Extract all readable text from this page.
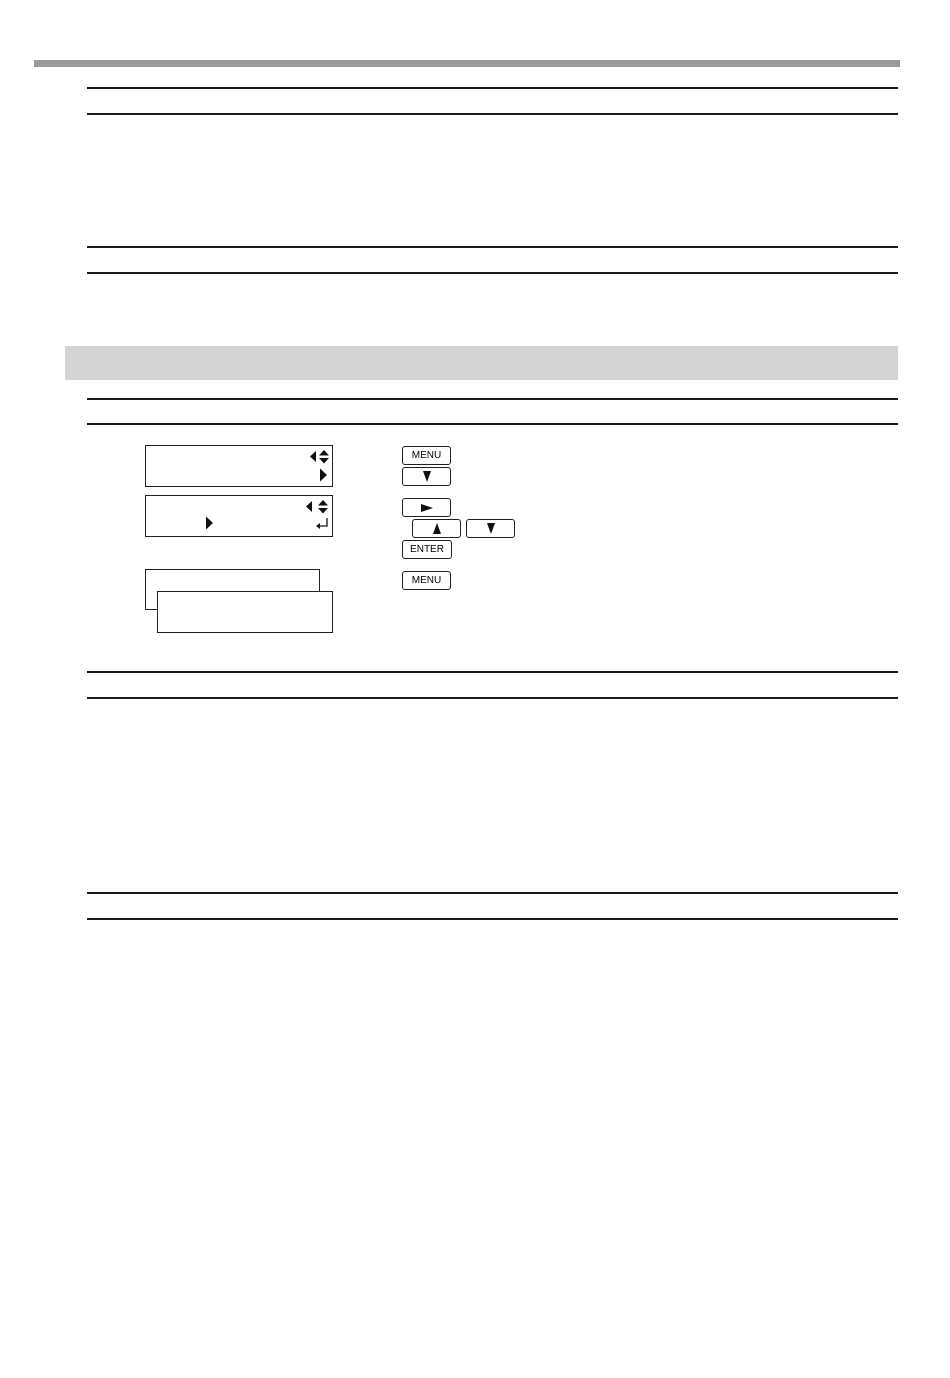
MENU
ENTER
MENU
